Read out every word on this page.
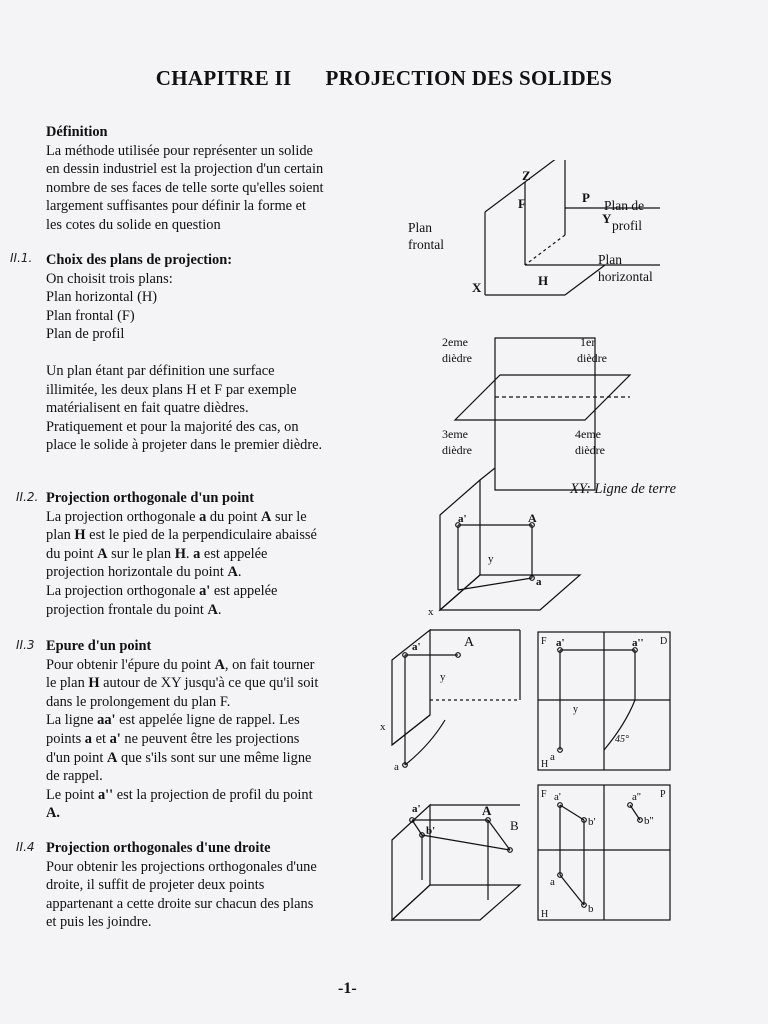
CHAPITRE II PROJECTION DES SOLIDES

Définition

La méthode utilisée pour représenter un solide

en dessin industriel est la projection d'un certain

nombre de ses faces de telle sorte qu'elles soient

largement suffisantes pour définir la forme et

les cotes du solide en question

II.1. Choix des plans de projection:

On choisit trois plans:

Plan horizontal (H)

Plan frontal (F)

Plan de profil

Un plan étant par définition une surface

illimitée, les deux plans H et F par exemple

matérialisent en fait quatre dièdres.

Pratiquement et pour la majorité des cas, on

place le solide à projeter dans le premier dièdre.

II.2. Projection orthogonale d'un point

La projection orthogonale a du point A sur le

plan H est le pied de la perpendiculaire abaissé

du point A sur le plan H. a est appelée

projection horizontale du point A.

La projection orthogonale a' est appelée

projection frontale du point A.

II.3 Epure d'un point

Pour obtenir l'épure du point A, on fait tourner

le plan H autour de XY jusqu'à ce que qu'il soit

dans le prolongement du plan F.

La ligne aa' est appelée ligne de rappel. Les

points a et a' ne peuvent être les projections

d'un point A que s'ils sont sur une même ligne

de rappel.

Le point a'' est la projection de profil du point

A.

II.4 Projection orthogonales d'une droite

Pour obtenir les projections orthogonales d'une

droite, il suffit de projeter deux points

appartenant a cette droite sur chacun des plans

et puis les joindre.

Z
F	P
Y
X	H
Plan
frontal
Plan de
profil
Plan
horizontal
2eme
dièdre
1er
dièdre
3eme
dièdre
4eme
dièdre
XY: Ligne de terre
a'	A
a
x
y
A
a'
a
x
y
a'	a''
a
45°
F	D
H
y
A
B
a'
b'
a'
b'
a''
b''
a
b
F	P
H
-1-
